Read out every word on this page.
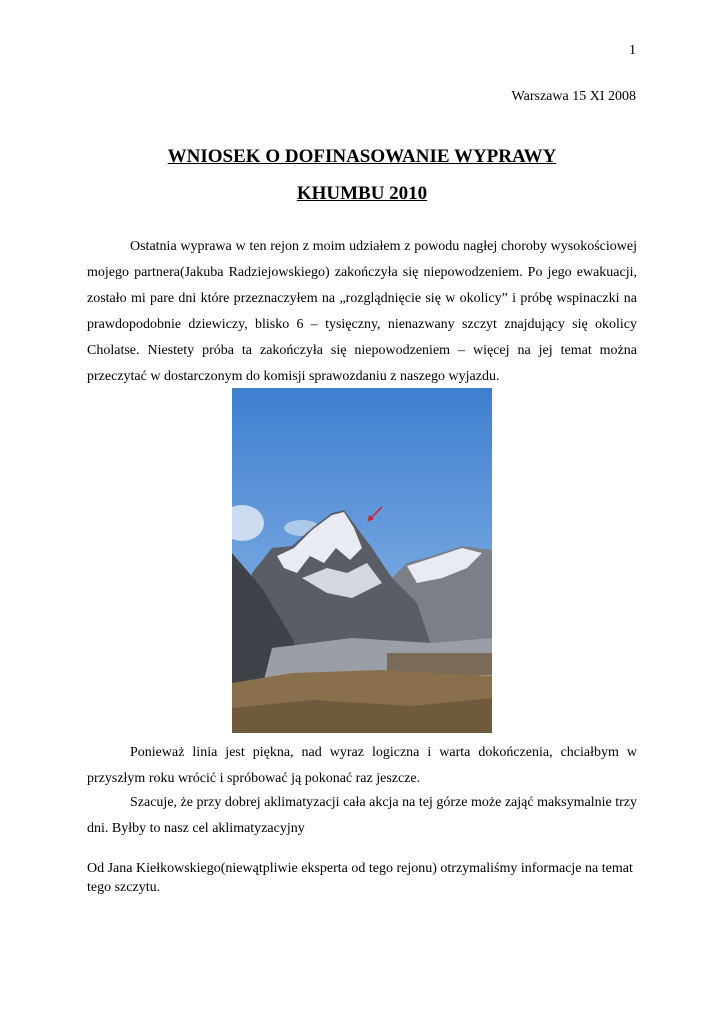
1
Warszawa 15 XI 2008
WNIOSEK O DOFINASOWANIE WYPRAWY
KHUMBU 2010

Ostatnia wyprawa w ten rejon z moim udziałem z powodu nagłej choroby wysokościowej mojego partnera(Jakuba Radziejowskiego) zakończyła się niepowodzeniem. Po jego ewakuacji, zostało mi pare dni które przeznaczyłem na „rozglądnięcie się w okolicy” i próbę wspinaczki na prawdopodobnie dziewiczy, blisko 6 – tysięczny, nienazwany szczyt znajdujący się okolicy Cholatse. Niestety próba ta zakończyła się niepowodzeniem – więcej na jej temat można przeczytać w dostarczonym do komisji sprawozdaniu z naszego wyjazdu.

Ponieważ linia jest piękna, nad wyraz logiczna i warta dokończenia, chciałbym w przyszłym roku wrócić i spróbować ją pokonać raz jeszcze.

Szacuje, że przy dobrej aklimatyzacji cała akcja na tej górze może zająć maksymalnie trzy dni. Byłby to nasz cel aklimatyzacyjny

Od Jana Kiełkowskiego(niewątpliwie eksperta od tego rejonu) otrzymaliśmy informacje na temat tego szczytu.
